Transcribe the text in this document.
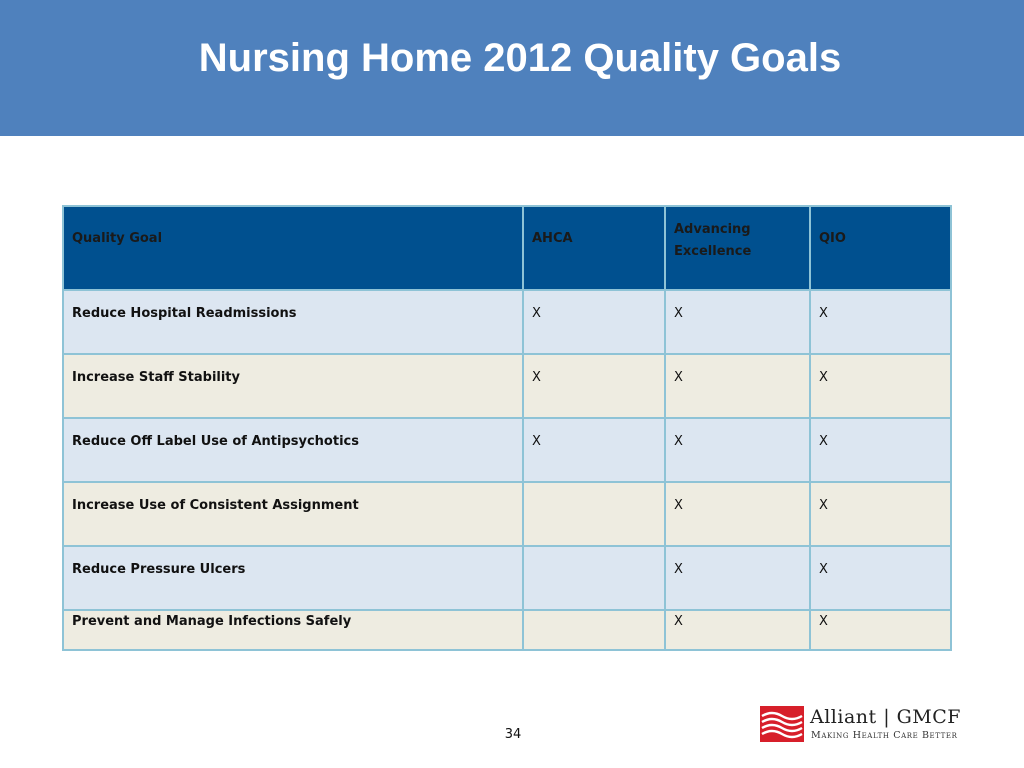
Nursing Home 2012 Quality Goals
Quality Goal	AHCA	Advancing Excellence	QIO
Reduce Hospital Readmissions	X	X	X
Increase Staff Stability	X	X	X
Reduce Off Label Use of Antipsychotics	X	X	X
Increase Use of Consistent Assignment		X	X
Reduce Pressure Ulcers		X	X
Prevent and Manage Infections Safely		X	X
34
Alliant | GMCF
Making Health Care Better
